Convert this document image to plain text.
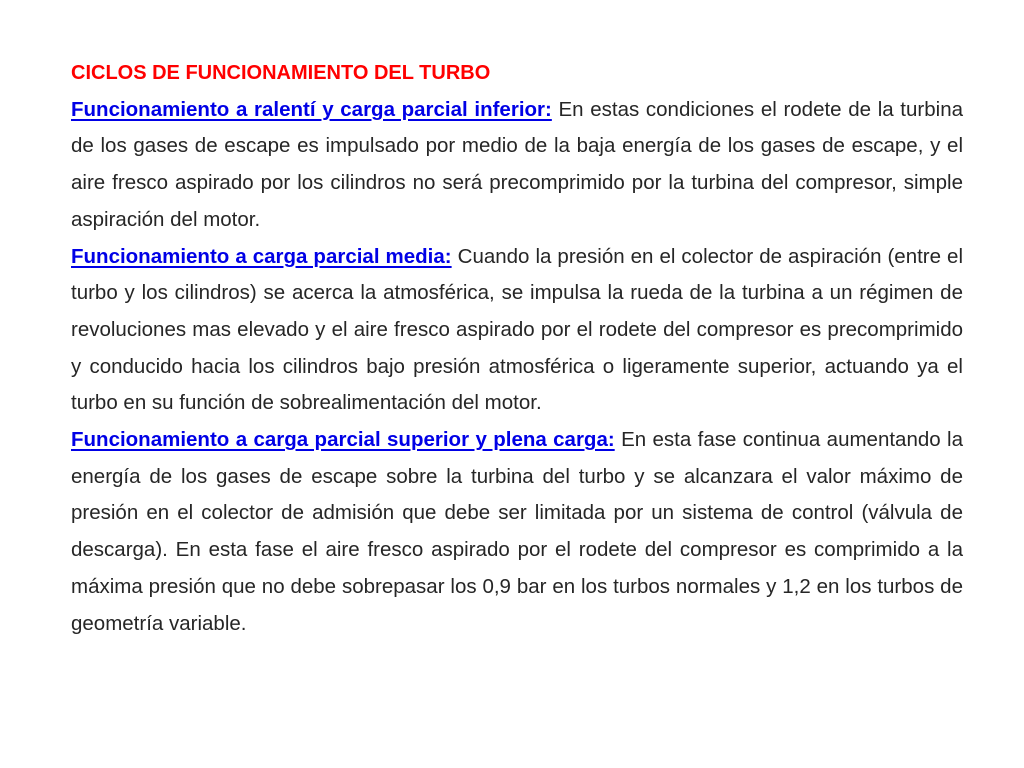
CICLOS DE FUNCIONAMIENTO DEL TURBO

Funcionamiento a ralentí y carga parcial inferior: En estas condiciones el rodete de la turbina de los gases de escape es impulsado por medio de la baja energía de los gases de escape, y el aire fresco aspirado por los cilindros no será precomprimido por la turbina del compresor, simple aspiración del motor.

Funcionamiento a carga parcial media: Cuando la presión en el colector de aspiración (entre el turbo y los cilindros) se acerca la atmosférica, se impulsa la rueda de la turbina a un régimen de revoluciones mas elevado y el aire fresco aspirado por el rodete del compresor es precomprimido y conducido hacia los cilindros bajo presión atmosférica o ligeramente superior, actuando ya el turbo en su función de sobrealimentación del motor.

Funcionamiento a carga parcial superior y plena carga: En esta fase continua aumentando la energía de los gases de escape sobre la turbina del turbo y se alcanzara el valor máximo de presión en el colector de admisión que debe ser limitada por un sistema de control (válvula de descarga). En esta fase el aire fresco aspirado por el rodete del compresor es comprimido a la máxima presión que no debe sobrepasar los 0,9 bar en los turbos normales y 1,2 en los turbos de geometría variable.
